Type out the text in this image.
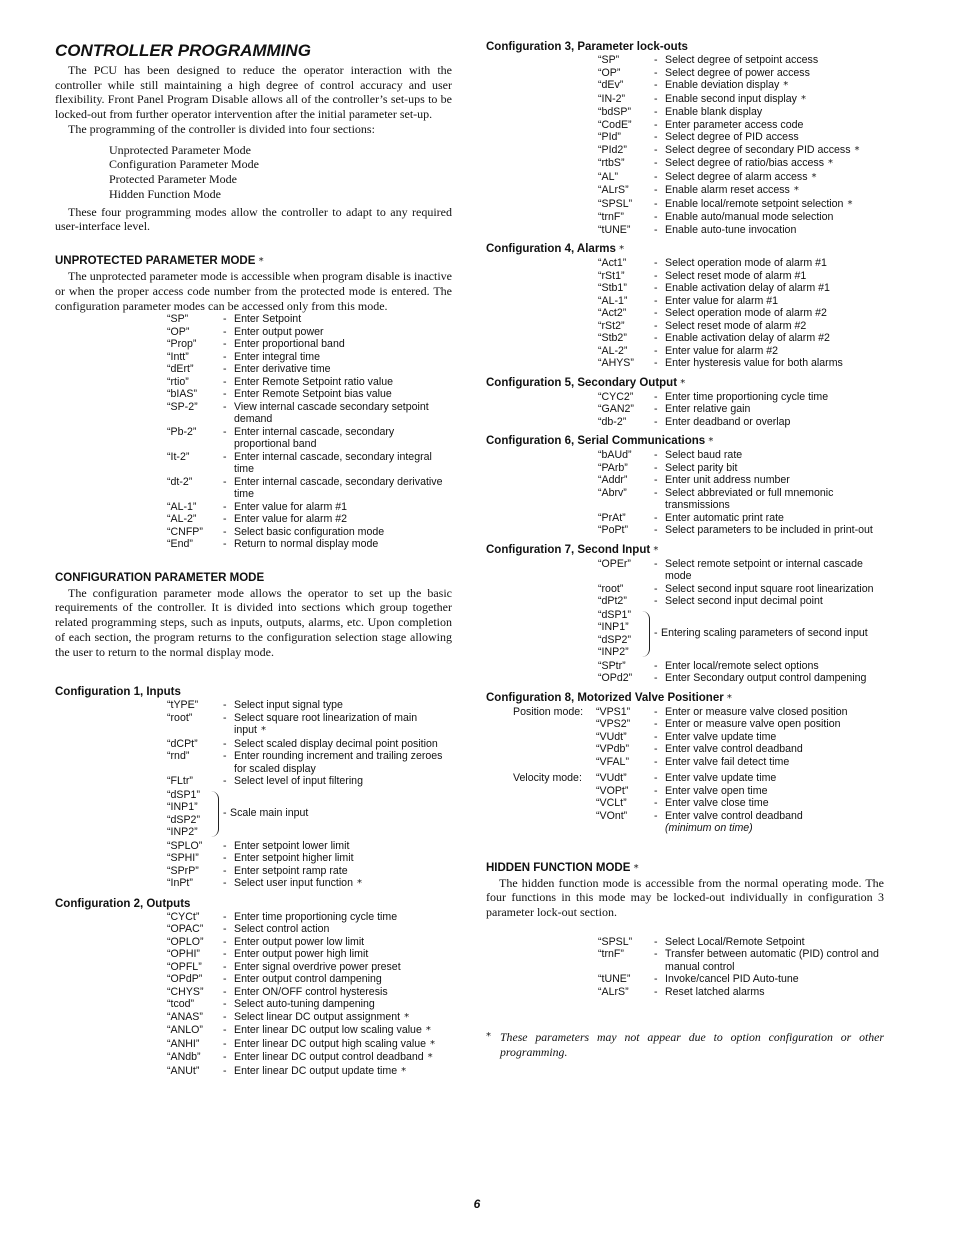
CONTROLLER PROGRAMMING

The PCU has been designed to reduce the operator interaction with the controller while still maintaining a high degree of control accuracy and user flexibility. Front Panel Program Disable allows all of the controller’s set-ups to be locked-out from further operator intervention after the initial parameter set-up.

The programming of the controller is divided into four sections:

Unprotected Parameter Mode
Configuration Parameter Mode
Protected Parameter Mode
Hidden Function Mode

These four programming modes allow the controller to adapt to any required user-interface level.

UNPROTECTED PARAMETER MODE *

The unprotected parameter mode is accessible when program disable is inactive or when the proper access code number from the protected mode is entered. The configuration parameter modes can be accessed only from this mode.

“SP”	- Enter Setpoint
“OP”	- Enter output power
“Prop”	- Enter proportional band
“Intt”	- Enter integral time
“dErt”	- Enter derivative time
“rtio”	- Enter Remote Setpoint ratio value
“bIAS”	- Enter Remote Setpoint bias value
“SP-2”	- View internal cascade secondary setpoint demand
“Pb-2”	- Enter internal cascade, secondary proportional band
“It-2”	- Enter internal cascade, secondary integral time
“dt-2”	- Enter internal cascade, secondary derivative time
“AL-1”	- Enter value for alarm #1
“AL-2”	- Enter value for alarm #2
“CNFP”	- Select basic configuration mode
“End”	- Return to normal display mode
CONFIGURATION PARAMETER MODE

The configuration parameter mode allows the operator to set up the basic requirements of the controller. It is divided into sections which group together related programming steps, such as inputs, outputs, alarms, etc. Upon completion of each section, the program returns to the configuration selection stage allowing the user to return to the normal display mode.

Configuration 1, Inputs
“tYPE”	- Select input signal type
“root”	- Select square root linearization of main input *
“dCPt”	- Select scaled display decimal point position
“rnd”	- Enter rounding increment and trailing zeroes for scaled display
“FLtr”	- Select level of input filtering
“dSP1”
“INP1”
“dSP2”
“INP2”
- Scale main input
“SPLO”	- Enter setpoint lower limit
“SPHI”	- Enter setpoint higher limit
“SPrP”	- Enter setpoint ramp rate
“InPt”	- Select user input function *
Configuration 2, Outputs
“CYCt”	- Enter time proportioning cycle time
“OPAC”	- Select control action
“OPLO”	- Enter output power low limit
“OPHI”	- Enter output power high limit
“OPFL”	- Enter signal overdrive power preset
“OPdP”	- Enter output control dampening
“CHYS”	- Enter ON/OFF control hysteresis
“tcod”	- Select auto-tuning dampening
“ANAS”	- Select linear DC output assignment *
“ANLO”	- Enter linear DC output low scaling value *
“ANHI”	- Enter linear DC output high scaling value *
“ANdb”	- Enter linear DC output control deadband *
“ANUt”	- Enter linear DC output update time *
Configuration 3, Parameter lock-outs
“SP”	- Select degree of setpoint access
“OP”	- Select degree of power access
“dEv”	- Enable deviation display *
“IN-2”	- Enable second input display *
“bdSP”	- Enable blank display
“CodE”	- Enter parameter access code
“PId”	- Select degree of PID access
“PId2”	- Select degree of secondary PID access *
“rtbS”	- Select degree of ratio/bias access *
“AL”	- Select degree of alarm access *
“ALrS”	- Enable alarm reset access *
“SPSL”	- Enable local/remote setpoint selection *
“trnF”	- Enable auto/manual mode selection
“tUNE”	- Enable auto-tune invocation
Configuration 4, Alarms *
“Act1”	- Select operation mode of alarm #1
“rSt1”	- Select reset mode of alarm #1
“Stb1”	- Enable activation delay of alarm #1
“AL-1”	- Enter value for alarm #1
“Act2”	- Select operation mode of alarm #2
“rSt2”	- Select reset mode of alarm #2
“Stb2”	- Enable activation delay of alarm #2
“AL-2”	- Enter value for alarm #2
“AHYS”	- Enter hysteresis value for both alarms
Configuration 5, Secondary Output *
“CYC2”	- Enter time proportioning cycle time
“GAN2”	- Enter relative gain
“db-2”	- Enter deadband or overlap
Configuration 6, Serial Communications *
“bAUd”	- Select baud rate
“PArb”	- Select parity bit
“Addr”	- Enter unit address number
“Abrv”	- Select abbreviated or full mnemonic transmissions
“PrAt”	- Enter automatic print rate
“PoPt”	- Select parameters to be included in print-out
Configuration 7, Second Input *
“OPEr”	- Select remote setpoint or internal cascade mode
“root”	- Select second input square root linearization
“dPt2”	- Select second input decimal point
“dSP1”
“INP1”
“dSP2”
“INP2”
- Entering scaling parameters of second input
“SPtr”	- Enter local/remote select options
“OPd2”	- Enter Secondary output control dampening
Configuration 8, Motorized Valve Positioner *
Position mode:	“VPS1” - Enter or measure valve closed position
“VPS2” - Enter or measure valve open position
“VUdt”	- Enter valve update time
“VPdb” - Enter valve control deadband
“VFAL” - Enter valve fail detect time
Velocity mode:	“VUdt”	- Enter valve update time
“VOPt” - Enter valve open time
“VCLt”	- Enter valve close time
“VOnt”	- Enter valve control deadband
(minimum on time)
HIDDEN FUNCTION MODE *

The hidden function mode is accessible from the normal operating mode. The four functions in this mode may be locked-out individually in configuration 3 parameter lock-out section.

“SPSL”	- Select Local/Remote Setpoint
“trnF”	- Transfer between automatic (PID) control and manual control
“tUNE”	- Invoke/cancel PID Auto-tune
“ALrS”	- Reset latched alarms
* These parameters may not appear due to option configuration or other programming.
6
